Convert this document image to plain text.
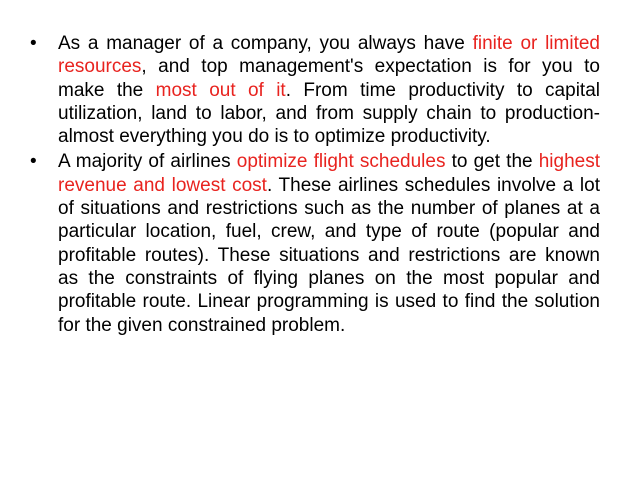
•	As a manager of a company, you always have finite or limited resources, and top management's expectation is for you to make the most out of it. From time productivity to capital utilization, land to labor, and from supply chain to production-almost everything you do is to optimize productivity.
•	A majority of airlines optimize flight schedules to get the highest revenue and lowest cost. These airlines schedules involve a lot of situations and restrictions such as the number of planes at a particular location, fuel, crew, and type of route (popular and profitable routes). These situations and restrictions are known as the constraints of flying planes on the most popular and profitable route. Linear programming is used to find the solution for the given constrained problem.
